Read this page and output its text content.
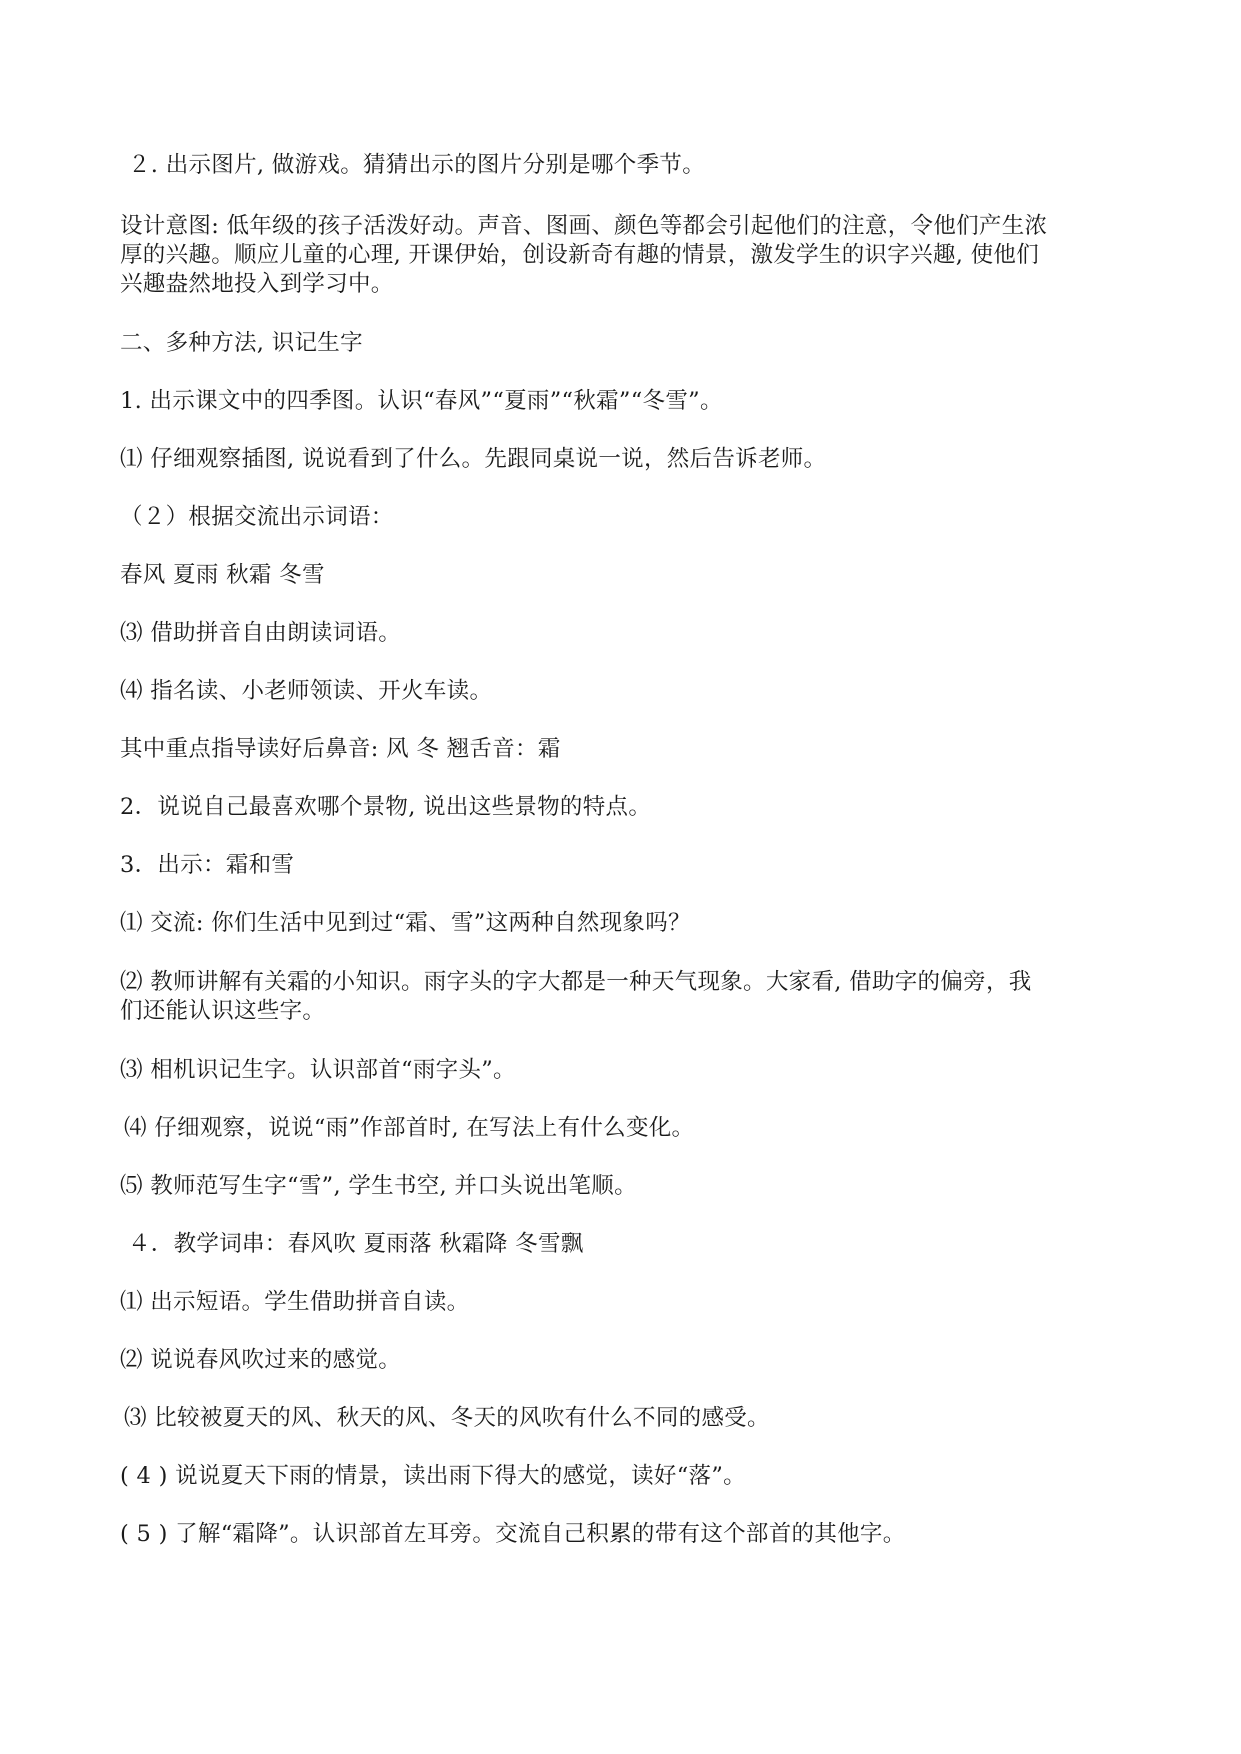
２. 出示图片, 做游戏。猜猜出示的图片分别是哪个季节。
设计意图: 低年级的孩子活泼好动。声音、图画、颜色等都会引起他们的注意，令他们产生浓
厚的兴趣。顺应儿童的心理, 开课伊始，创设新奇有趣的情景，激发学生的识字兴趣, 使他们
兴趣盎然地投入到学习中。
二、多种方法, 识记生字
1. 出示课文中的四季图。认识“春风”“夏雨”“秋霜”“冬雪”。
⑴ 仔细观察插图, 说说看到了什么。先跟同桌说一说，然后告诉老师。
（２）根据交流出示词语：
春风 夏雨 秋霜 冬雪
⑶ 借助拼音自由朗读词语。
⑷ 指名读、小老师领读、开火车读。
其中重点指导读好后鼻音: 风 冬 翘舌音：霜
2．说说自己最喜欢哪个景物, 说出这些景物的特点。
3．出示：霜和雪
⑴ 交流: 你们生活中见到过“霜、雪”这两种自然现象吗？
⑵ 教师讲解有关霜的小知识。雨字头的字大都是一种天气现象。大家看, 借助字的偏旁，我
们还能认识这些字。
⑶ 相机识记生字。认识部首“雨字头”。
⑷ 仔细观察，说说“雨”作部首时, 在写法上有什么变化。
⑸ 教师范写生字“雪”, 学生书空, 并口头说出笔顺。
４．教学词串：春风吹 夏雨落 秋霜降 冬雪飘
⑴ 出示短语。学生借助拼音自读。
⑵ 说说春风吹过来的感觉。
⑶ 比较被夏天的风、秋天的风、冬天的风吹有什么不同的感受。
( 4 ) 说说夏天下雨的情景，读出雨下得大的感觉，读好“落”。
( 5 ) 了解“霜降”。认识部首左耳旁。交流自己积累的带有这个部首的其他字。
